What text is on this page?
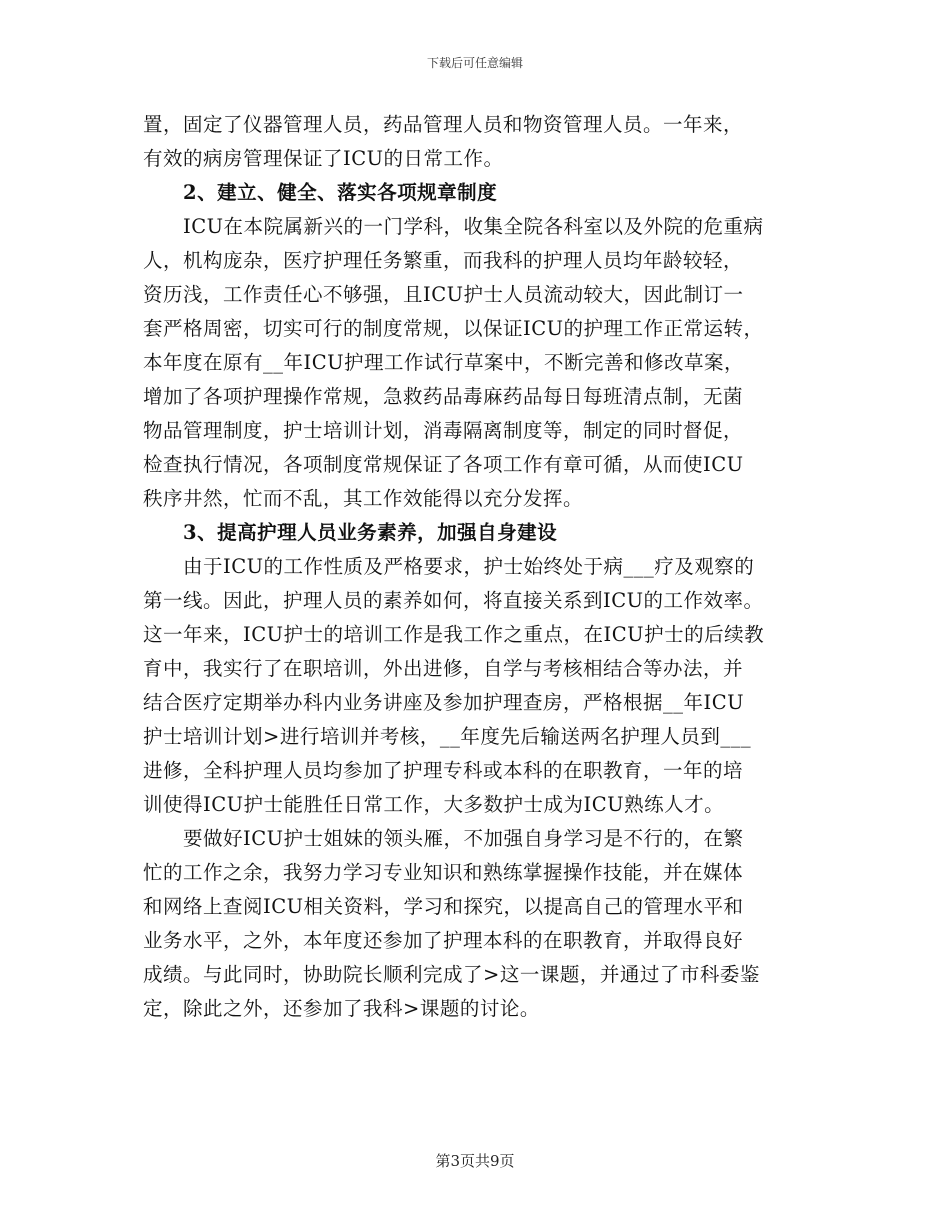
下载后可任意编辑
置，固定了仪器管理人员，药品管理人员和物资管理人员。一年来，
有效的病房管理保证了ICU的日常工作。
2、建立、健全、落实各项规章制度
ICU在本院属新兴的一门学科，收集全院各科室以及外院的危重病
人，机构庞杂，医疗护理任务繁重，而我科的护理人员均年龄较轻，
资历浅，工作责任心不够强，且ICU护士人员流动较大，因此制订一
套严格周密，切实可行的制度常规，以保证ICU的护理工作正常运转，
本年度在原有__年ICU护理工作试行草案中，不断完善和修改草案，
增加了各项护理操作常规，急救药品毒麻药品每日每班清点制，无菌
物品管理制度，护士培训计划，消毒隔离制度等，制定的同时督促，
检查执行情况，各项制度常规保证了各项工作有章可循，从而使ICU
秩序井然，忙而不乱，其工作效能得以充分发挥。
3、提高护理人员业务素养，加强自身建设
由于ICU的工作性质及严格要求，护士始终处于病___疗及观察的
第一线。因此，护理人员的素养如何，将直接关系到ICU的工作效率。
这一年来，ICU护士的培训工作是我工作之重点，在ICU护士的后续教
育中，我实行了在职培训，外出进修，自学与考核相结合等办法，并
结合医疗定期举办科内业务讲座及参加护理查房，严格根据__年ICU
护士培训计划>进行培训并考核，__年度先后输送两名护理人员到___
进修，全科护理人员均参加了护理专科或本科的在职教育，一年的培
训使得ICU护士能胜任日常工作，大多数护士成为ICU熟练人才。
要做好ICU护士姐妹的领头雁，不加强自身学习是不行的，在繁
忙的工作之余，我努力学习专业知识和熟练掌握操作技能，并在媒体
和网络上查阅ICU相关资料，学习和探究，以提高自己的管理水平和
业务水平，之外，本年度还参加了护理本科的在职教育，并取得良好
成绩。与此同时，协助院长顺利完成了>这一课题，并通过了市科委鉴
定，除此之外，还参加了我科>课题的讨论。
第3页共9页
